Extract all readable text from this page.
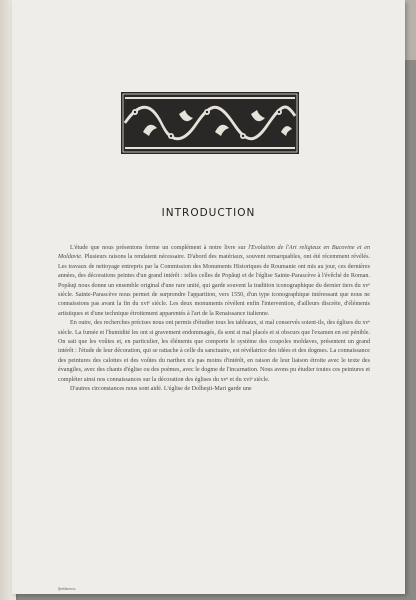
INTRODUCTION

L'étude que nous présentons forme un complément à notre livre sur l'Evolution de l'Art religieux en Bucovine et en Moldavie. Plusieurs raisons la rendaient nécessaire. D'abord des matériaux, souvent remarquables, ont été récemment révélés. Les travaux de nettoyage entrepris par la Commission des Monuments Historiques de Roumanie ont mis au jour, ces dernières années, des décorations peintes d'un grand intérêt : telles celles de Popăuţi et de l'église Sainte-Parascève à l'évêché de Roman. Popăuţi nous donne un ensemble original d'une rare unité, qui garde souvent la tradition iconographique du dernier tiers du xvᵉ siècle. Sainte-Parascève nous permet de surprendre l'apparition, vers 1550, d'un type iconographique intéressant que nous ne connaissions pas avant la fin du xviᵉ siècle. Les deux monuments révèlent enfin l'intervention, d'ailleurs discrète, d'éléments artistiques et d'une technique étroitement apparentés à l'art de la Renaissance italienne.

En outre, des recherches précises nous ont permis d'étudier tous les tableaux, si mal conservés soient-ils, des églises du xvᵉ siècle. La fumée et l'humidité les ont si gravement endommagés, ils sont si mal placés et si obscurs que l'examen en est pénible. On sait que les voûtes et, en particulier, les éléments que comporte le système des coupoles moldaves, présentent un grand intérêt : l'étude de leur décoration, qui se rattache à celle du sanctuaire, est révélatrice des idées et des dogmes. La connaissance des peintures des calottes et des voûtes du narthex n'a pas moins d'intérêt, en raison de leur liaison étroite avec le texte des évangiles, avec des chants d'église ou des poèmes, avec le dogme de l'incarnation. Nous avons pu étudier toutes ces peintures et compléter ainsi nos connaissances sur la décoration des églises du xvᵉ et du xviᵉ siècle.

D'autres circonstances nous sont aidé. L'église de Dolheşti-Mari garde une

Ştefănescu.
